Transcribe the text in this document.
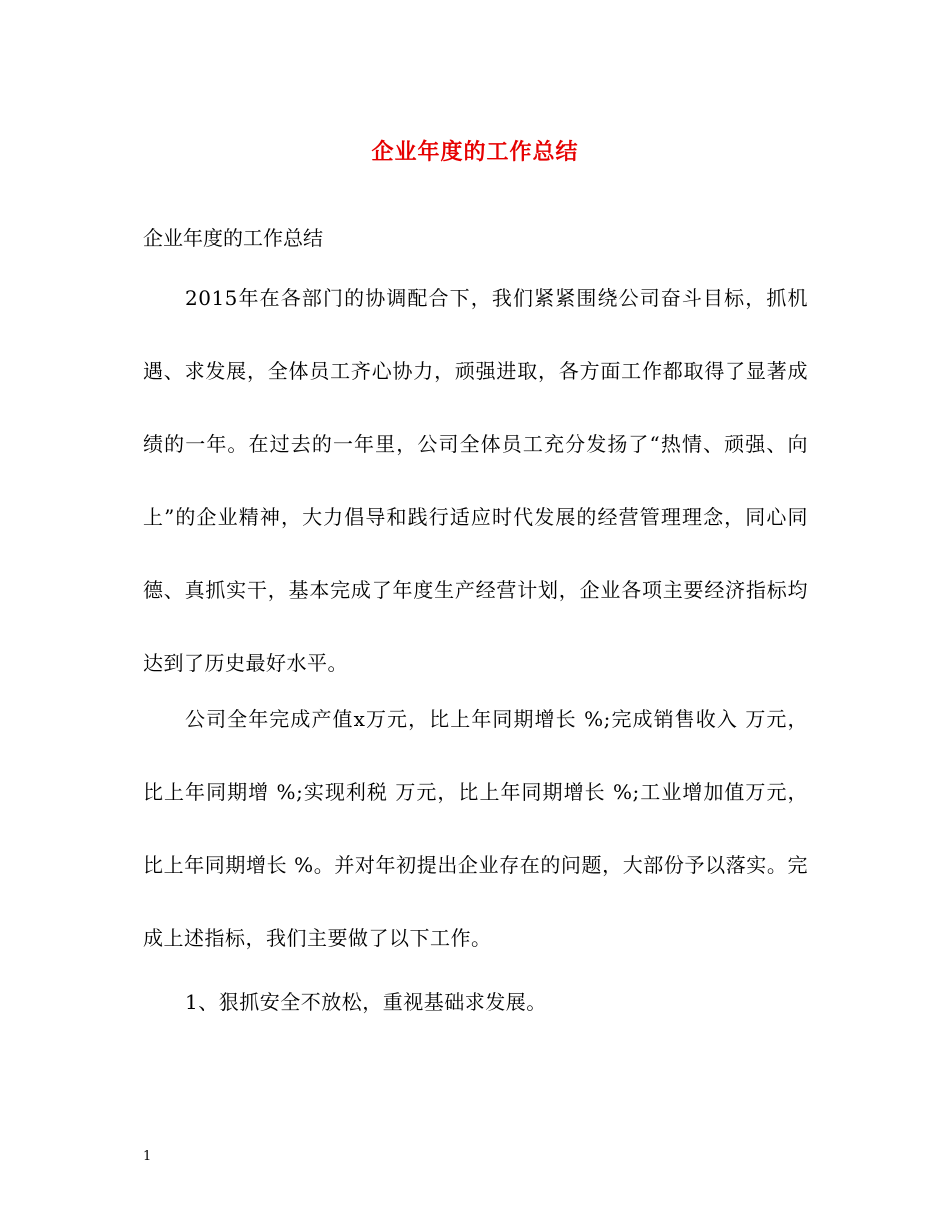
企业年度的工作总结

企业年度的工作总结

2015年在各部门的协调配合下，我们紧紧围绕公司奋斗目标，抓机遇、求发展，全体员工齐心协力，顽强进取，各方面工作都取得了显著成绩的一年。在过去的一年里，公司全体员工充分发扬了“热情、顽强、向上”的企业精神，大力倡导和践行适应时代发展的经营管理理念，同心同德、真抓实干，基本完成了年度生产经营计划，企业各项主要经济指标均达到了历史最好水平。

公司全年完成产值x万元，比上年同期增长 %;完成销售收入 万元，比上年同期增 %;实现利税 万元，比上年同期增长 %;工业增加值万元，比上年同期增长 %。并对年初提出企业存在的问题，大部份予以落实。完成上述指标，我们主要做了以下工作。

1、狠抓安全不放松，重视基础求发展。

1
